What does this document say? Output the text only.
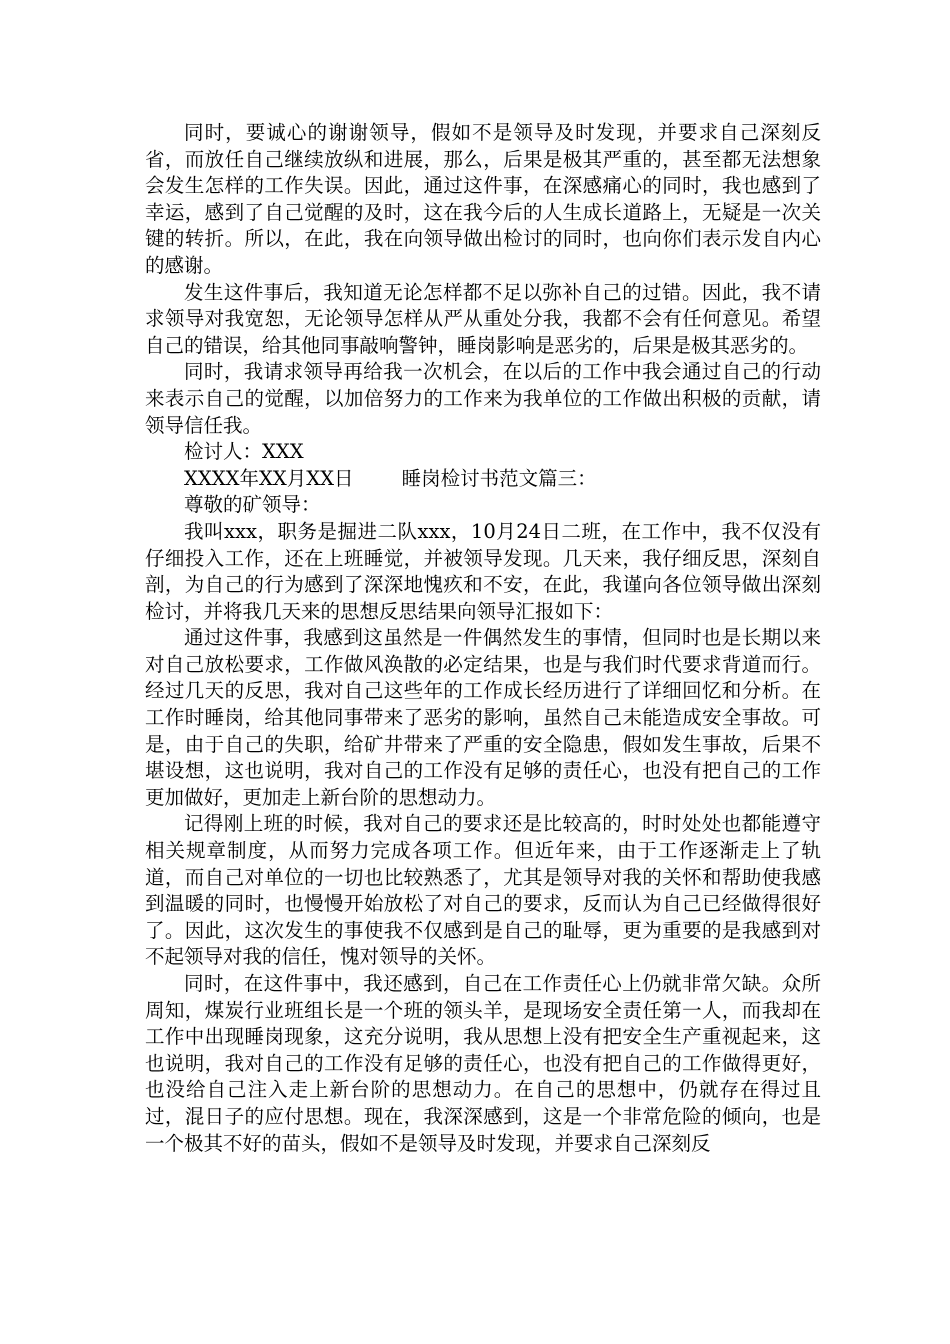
同时，要诚心的谢谢领导，假如不是领导及时发现，并要求自己深刻反省，而放任自己继续放纵和进展，那么，后果是极其严重的，甚至都无法想象会发生怎样的工作失误。因此，通过这件事，在深感痛心的同时，我也感到了幸运，感到了自己觉醒的及时，这在我今后的人生成长道路上，无疑是一次关键的转折。所以，在此，我在向领导做出检讨的同时，也向你们表示发自内心的感谢。

发生这件事后，我知道无论怎样都不足以弥补自己的过错。因此，我不请求领导对我宽恕，无论领导怎样从严从重处分我，我都不会有任何意见。希望自己的错误，给其他同事敲响警钟，睡岗影响是恶劣的，后果是极其恶劣的。

同时，我请求领导再给我一次机会，在以后的工作中我会通过自己的行动来表示自己的觉醒，以加倍努力的工作来为我单位的工作做出积极的贡献，请领导信任我。

检讨人：XXX

XXXX年XX月XX日 睡岗检讨书范文篇三：

尊敬的矿领导：

我叫xxx，职务是掘进二队xxx，10月24日二班，在工作中，我不仅没有仔细投入工作，还在上班睡觉，并被领导发现。几天来，我仔细反思，深刻自剖，为自己的行为感到了深深地愧疚和不安，在此，我谨向各位领导做出深刻检讨，并将我几天来的思想反思结果向领导汇报如下：

通过这件事，我感到这虽然是一件偶然发生的事情，但同时也是长期以来对自己放松要求，工作做风涣散的必定结果，也是与我们时代要求背道而行。经过几天的反思，我对自己这些年的工作成长经历进行了详细回忆和分析。在工作时睡岗，给其他同事带来了恶劣的影响，虽然自己未能造成安全事故。可是，由于自己的失职，给矿井带来了严重的安全隐患，假如发生事故，后果不堪设想，这也说明，我对自己的工作没有足够的责任心，也没有把自己的工作更加做好，更加走上新台阶的思想动力。

记得刚上班的时候，我对自己的要求还是比较高的，时时处处也都能遵守相关规章制度，从而努力完成各项工作。但近年来，由于工作逐渐走上了轨道，而自己对单位的一切也比较熟悉了，尤其是领导对我的关怀和帮助使我感到温暖的同时，也慢慢开始放松了对自己的要求，反而认为自己已经做得很好了。因此，这次发生的事使我不仅感到是自己的耻辱，更为重要的是我感到对不起领导对我的信任，愧对领导的关怀。

同时，在这件事中，我还感到，自己在工作责任心上仍就非常欠缺。众所周知，煤炭行业班组长是一个班的领头羊，是现场安全责任第一人，而我却在工作中出现睡岗现象，这充分说明，我从思想上没有把安全生产重视起来，这也说明，我对自己的工作没有足够的责任心，也没有把自己的工作做得更好，也没给自己注入走上新台阶的思想动力。在自己的思想中，仍就存在得过且过，混日子的应付思想。现在，我深深感到，这是一个非常危险的倾向，也是一个极其不好的苗头，假如不是领导及时发现，并要求自己深刻反
